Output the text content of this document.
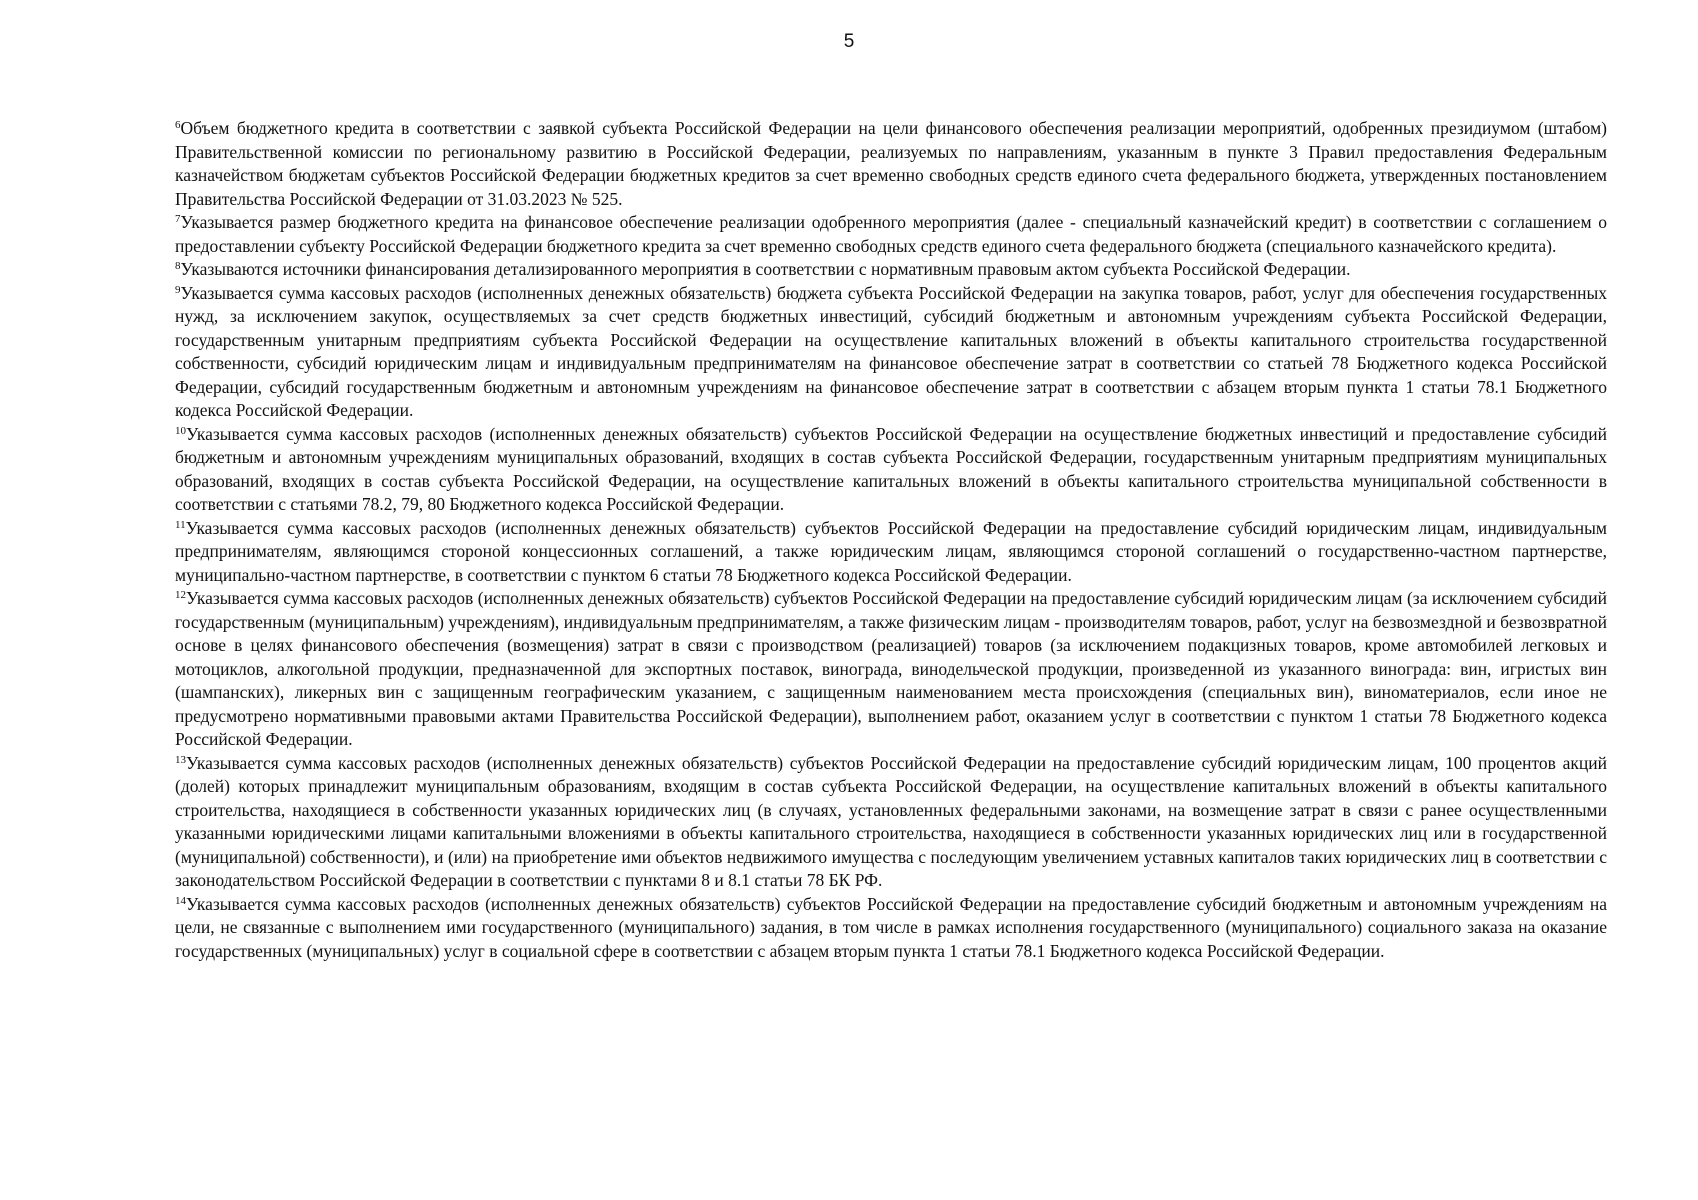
5

$^6$Объем бюджетного кредита в соответствии с заявкой субъекта Российской Федерации на цели финансового обеспечения реализации мероприятий, одобренных президиумом (штабом) Правительственной комиссии по региональному развитию в Российской Федерации, реализуемых по направлениям, указанным в пункте 3 Правил предоставления Федеральным казначейством бюджетам субъектов Российской Федерации бюджетных кредитов за счет временно свободных средств единого счета федерального бюджета, утвержденных постановлением Правительства Российской Федерации от 31.03.2023 № 525.

$^7$Указывается размер бюджетного кредита на финансовое обеспечение реализации одобренного мероприятия (далее - специальный казначейский кредит) в соответствии с соглашением о предоставлении субъекту Российской Федерации бюджетного кредита за счет временно свободных средств единого счета федерального бюджета (специального казначейского кредита).

$^8$Указываются источники финансирования детализированного мероприятия в соответствии с нормативным правовым актом субъекта Российской Федерации.

$^9$Указывается сумма кассовых расходов (исполненных денежных обязательств) бюджета субъекта Российской Федерации на закупка товаров, работ, услуг для обеспечения государственных нужд, за исключением закупок, осуществляемых за счет средств бюджетных инвестиций, субсидий бюджетным и автономным учреждениям субъекта Российской Федерации, государственным унитарным предприятиям субъекта Российской Федерации на осуществление капитальных вложений в объекты капитального строительства государственной собственности, субсидий юридическим лицам и индивидуальным предпринимателям на финансовое обеспечение затрат в соответствии со статьей 78 Бюджетного кодекса Российской Федерации, субсидий государственным бюджетным и автономным учреждениям на финансовое обеспечение затрат в соответствии с абзацем вторым пункта 1 статьи 78.1 Бюджетного кодекса Российской Федерации.

$^{10}$Указывается сумма кассовых расходов (исполненных денежных обязательств) субъектов Российской Федерации на осуществление бюджетных инвестиций и предоставление субсидий бюджетным и автономным учреждениям муниципальных образований, входящих в состав субъекта Российской Федерации, государственным унитарным предприятиям муниципальных образований, входящих в состав субъекта Российской Федерации, на осуществление капитальных вложений в объекты капитального строительства муниципальной собственности в соответствии с статьями 78.2, 79, 80 Бюджетного кодекса Российской Федерации.

$^{11}$Указывается сумма кассовых расходов (исполненных денежных обязательств) субъектов Российской Федерации на предоставление субсидий юридическим лицам, индивидуальным предпринимателям, являющимся стороной концессионных соглашений, а также юридическим лицам, являющимся стороной соглашений о государственно-частном партнерстве, муниципально-частном партнерстве, в соответствии с пунктом 6 статьи 78 Бюджетного кодекса Российской Федерации.

$^{12}$Указывается сумма кассовых расходов (исполненных денежных обязательств) субъектов Российской Федерации на предоставление субсидий юридическим лицам (за исключением субсидий государственным (муниципальным) учреждениям), индивидуальным предпринимателям, а также физическим лицам - производителям товаров, работ, услуг на безвозмездной и безвозвратной основе в целях финансового обеспечения (возмещения) затрат в связи с производством (реализацией) товаров (за исключением подакцизных товаров, кроме автомобилей легковых и мотоциклов, алкогольной продукции, предназначенной для экспортных поставок, винограда, винодельческой продукции, произведенной из указанного винограда: вин, игристых вин (шампанских), ликерных вин с защищенным географическим указанием, с защищенным наименованием места происхождения (специальных вин), виноматериалов, если иное не предусмотрено нормативными правовыми актами Правительства Российской Федерации), выполнением работ, оказанием услуг в соответствии с пунктом 1 статьи 78 Бюджетного кодекса Российской Федерации.

$^{13}$Указывается сумма кассовых расходов (исполненных денежных обязательств) субъектов Российской Федерации на предоставление субсидий юридическим лицам, 100 процентов акций (долей) которых принадлежит муниципальным образованиям, входящим в состав субъекта Российской Федерации, на осуществление капитальных вложений в объекты капитального строительства, находящиеся в собственности указанных юридических лиц (в случаях, установленных федеральными законами, на возмещение затрат в связи с ранее осуществленными указанными юридическими лицами капитальными вложениями в объекты капитального строительства, находящиеся в собственности указанных юридических лиц или в государственной (муниципальной) собственности), и (или) на приобретение ими объектов недвижимого имущества с последующим увеличением уставных капиталов таких юридических лиц в соответствии с законодательством Российской Федерации в соответствии с пунктами 8 и 8.1 статьи 78 БК РФ.

$^{14}$Указывается сумма кассовых расходов (исполненных денежных обязательств) субъектов Российской Федерации на предоставление субсидий бюджетным и автономным учреждениям на цели, не связанные с выполнением ими государственного (муниципального) задания, в том числе в рамках исполнения государственного (муниципального) социального заказа на оказание государственных (муниципальных) услуг в социальной сфере в соответствии с абзацем вторым пункта 1 статьи 78.1 Бюджетного кодекса Российской Федерации.
